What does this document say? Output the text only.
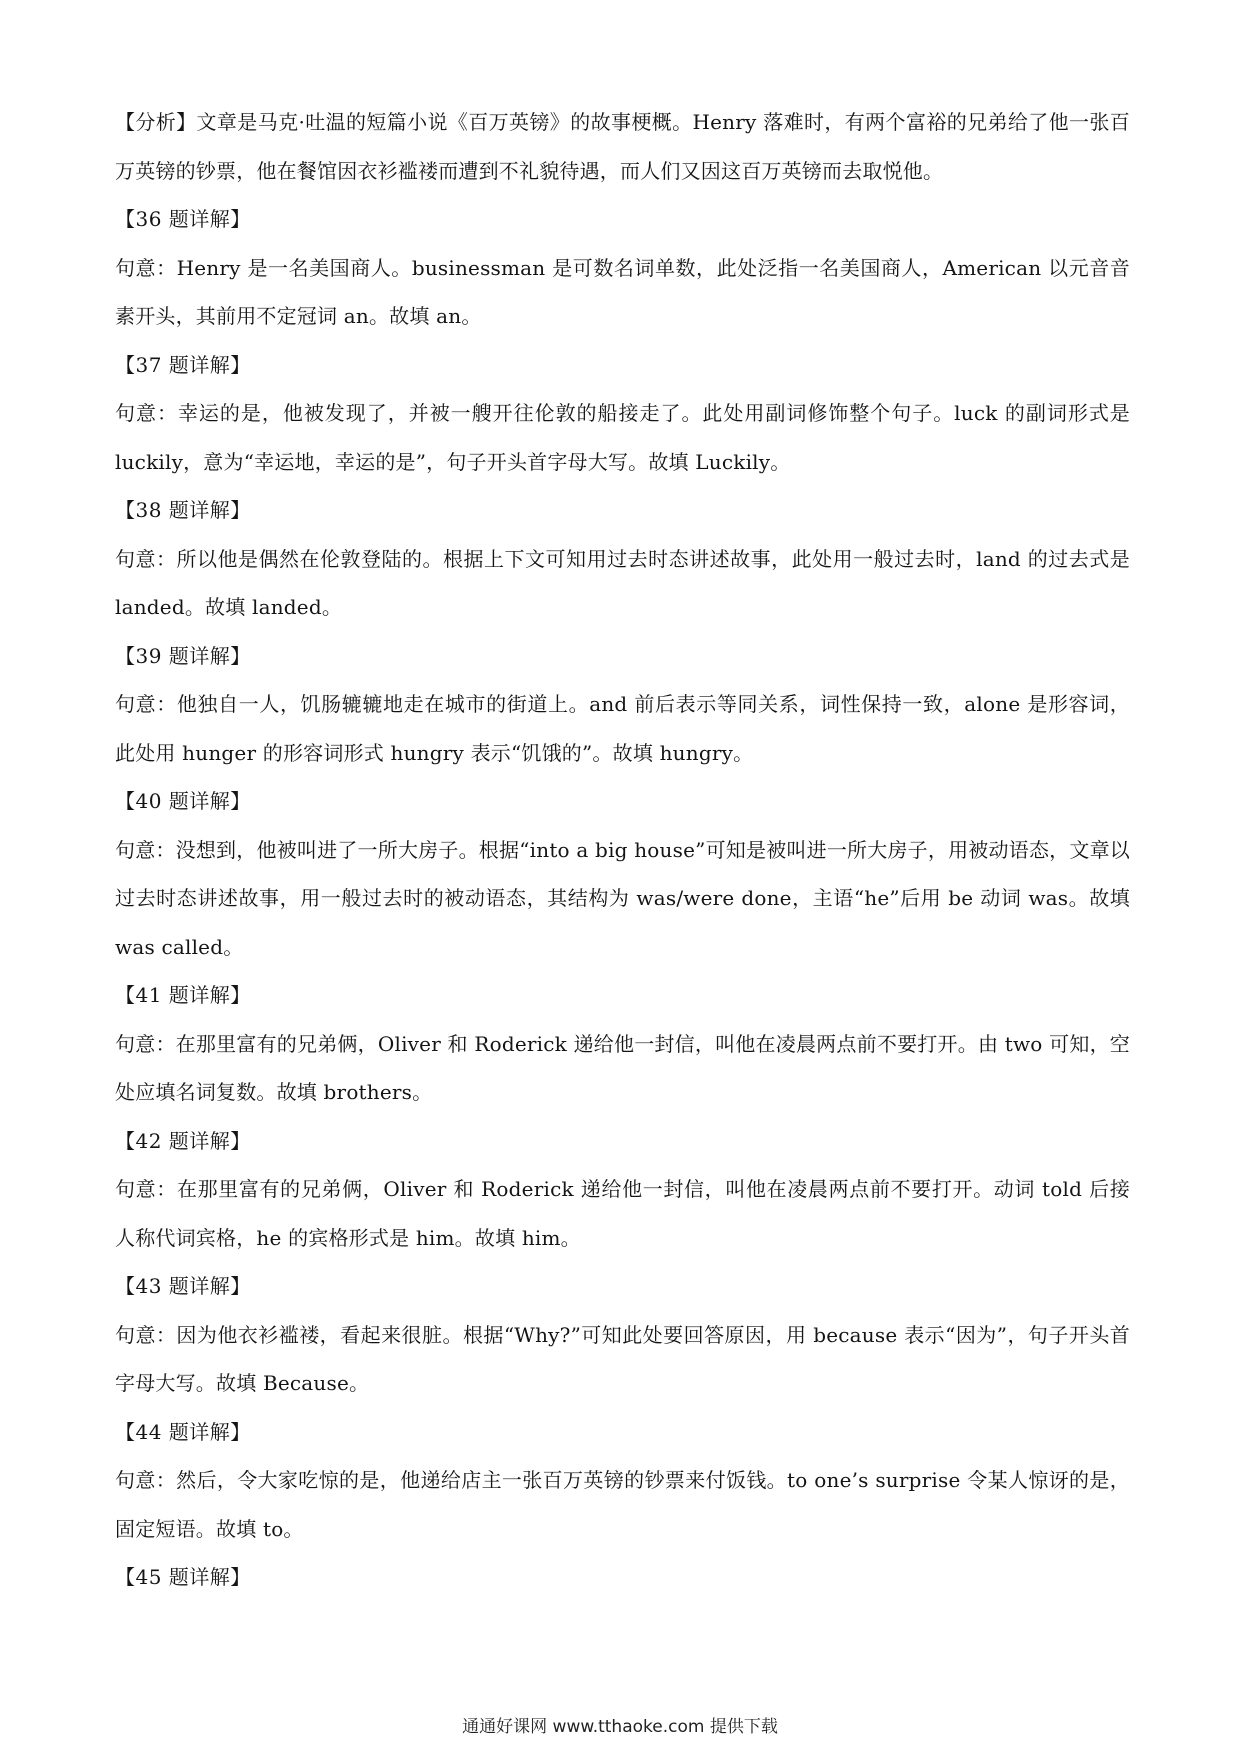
【分析】文章是马克·吐温的短篇小说《百万英镑》的故事梗概。Henry 落难时，有两个富裕的兄弟给了他一张百万英镑的钞票，他在餐馆因衣衫褴褛而遭到不礼貌待遇，而人们又因这百万英镑而去取悦他。

【36 题详解】

句意：Henry 是一名美国商人。businessman 是可数名词单数，此处泛指一名美国商人，American 以元音音素开头，其前用不定冠词 an。故填 an。

【37 题详解】

句意：幸运的是，他被发现了，并被一艘开往伦敦的船接走了。此处用副词修饰整个句子。luck 的副词形式是 luckily，意为“幸运地，幸运的是”，句子开头首字母大写。故填 Luckily。

【38 题详解】

句意：所以他是偶然在伦敦登陆的。根据上下文可知用过去时态讲述故事，此处用一般过去时，land 的过去式是 landed。故填 landed。

【39 题详解】

句意：他独自一人，饥肠辘辘地走在城市的街道上。and 前后表示等同关系，词性保持一致，alone 是形容词，此处用 hunger 的形容词形式 hungry 表示“饥饿的”。故填 hungry。

【40 题详解】

句意：没想到，他被叫进了一所大房子。根据“into a big house”可知是被叫进一所大房子，用被动语态，文章以过去时态讲述故事，用一般过去时的被动语态，其结构为 was/were done，主语“he”后用 be 动词 was。故填 was called。

【41 题详解】

句意：在那里富有的兄弟俩，Oliver 和 Roderick 递给他一封信，叫他在凌晨两点前不要打开。由 two 可知，空处应填名词复数。故填 brothers。

【42 题详解】

句意：在那里富有的兄弟俩，Oliver 和 Roderick 递给他一封信，叫他在凌晨两点前不要打开。动词 told 后接人称代词宾格，he 的宾格形式是 him。故填 him。

【43 题详解】

句意：因为他衣衫褴褛，看起来很脏。根据“Why?”可知此处要回答原因，用 because 表示“因为”，句子开头首字母大写。故填 Because。

【44 题详解】

句意：然后，令大家吃惊的是，他递给店主一张百万英镑的钞票来付饭钱。to one’s surprise 令某人惊讶的是，固定短语。故填 to。

【45 题详解】

通通好课网 www.tthaoke.com 提供下载
